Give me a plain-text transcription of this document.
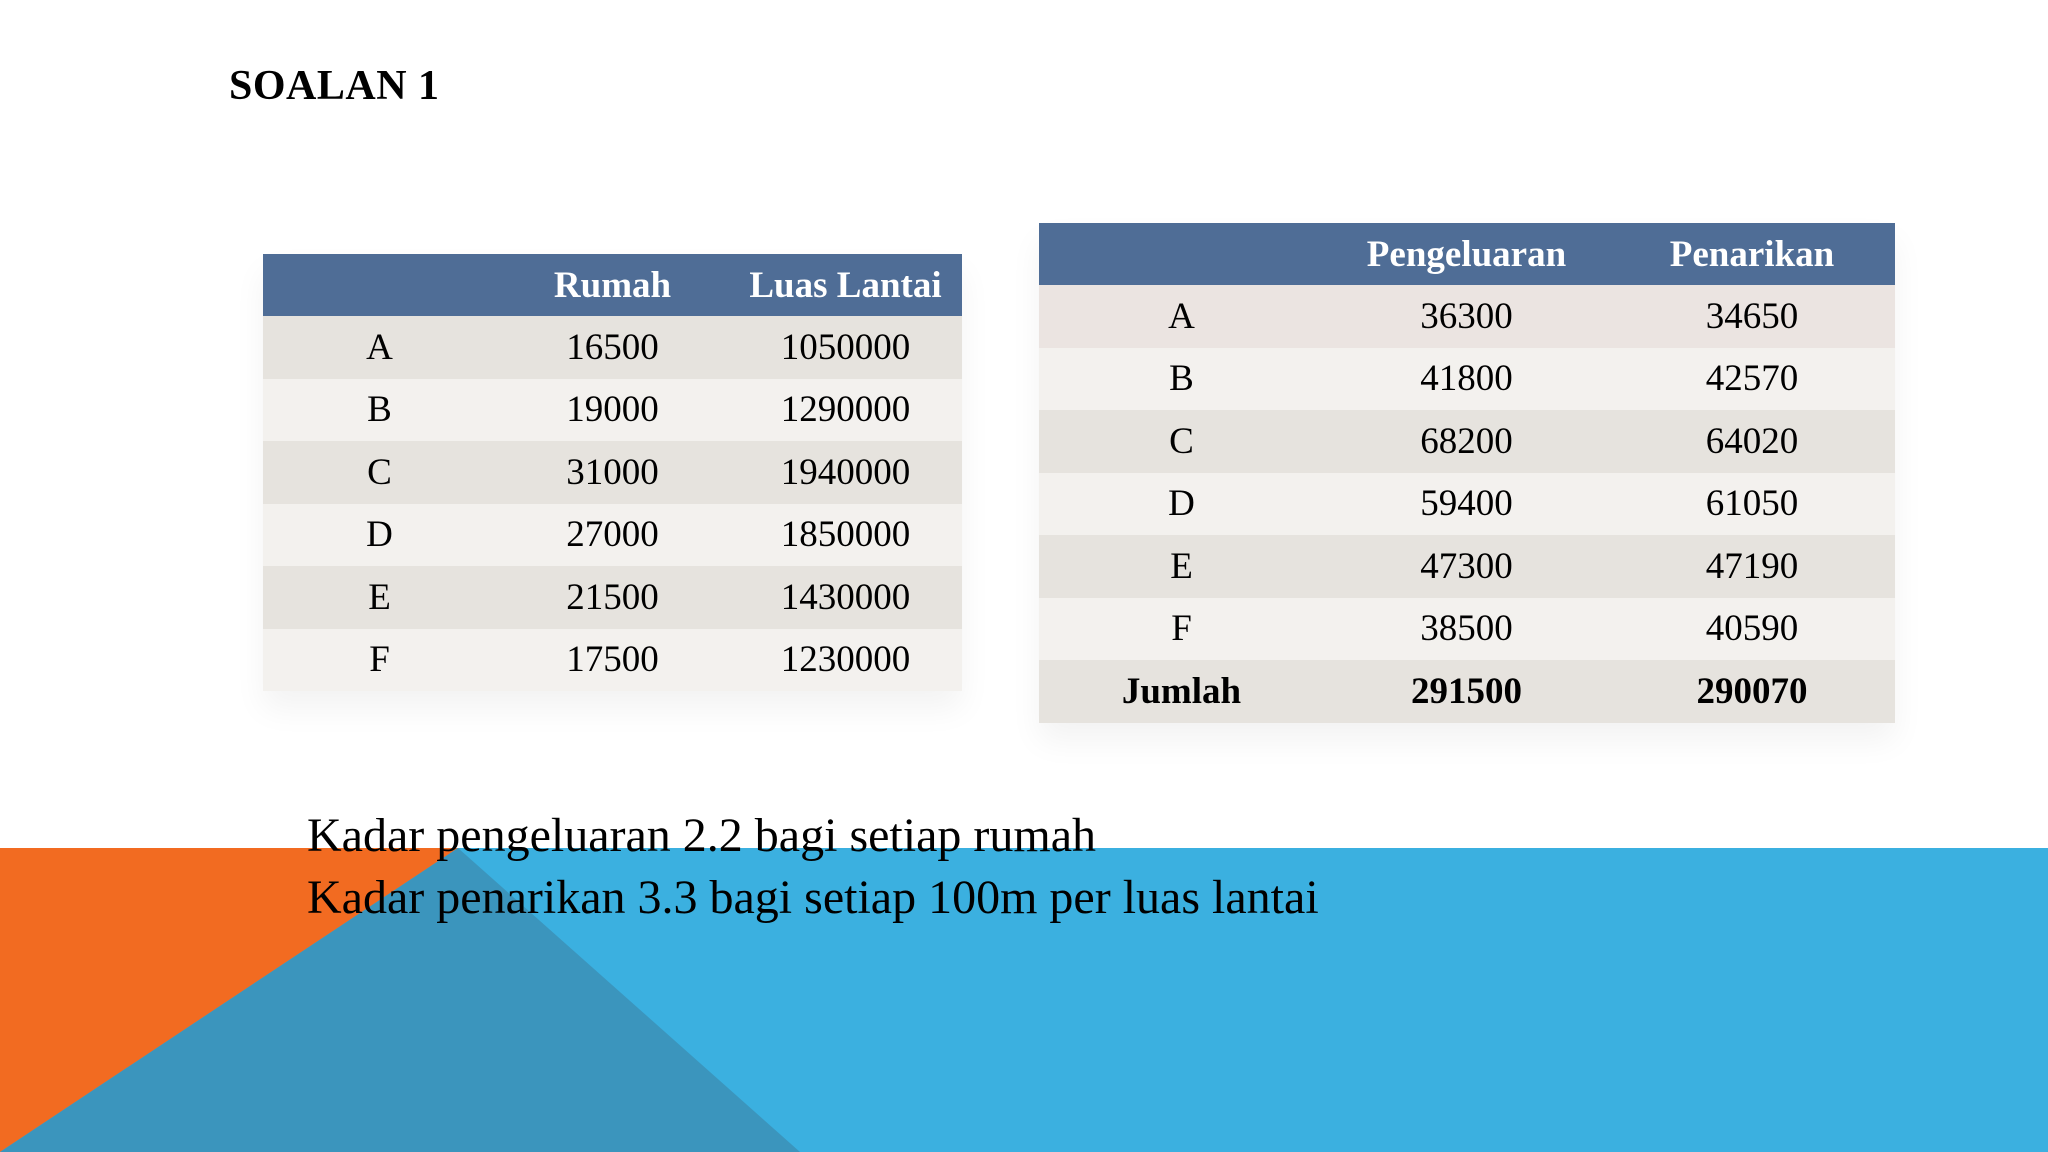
SOALAN 1
	Rumah	Luas Lantai
A	16500	1050000
B	19000	1290000
C	31000	1940000
D	27000	1850000
E	21500	1430000
F	17500	1230000
	Pengeluaran	Penarikan
A	36300	34650
B	41800	42570
C	68200	64020
D	59400	61050
E	47300	47190
F	38500	40590
Jumlah	291500	290070
Kadar pengeluaran 2.2 bagi setiap rumah
Kadar penarikan 3.3 bagi setiap 100m per luas lantai
